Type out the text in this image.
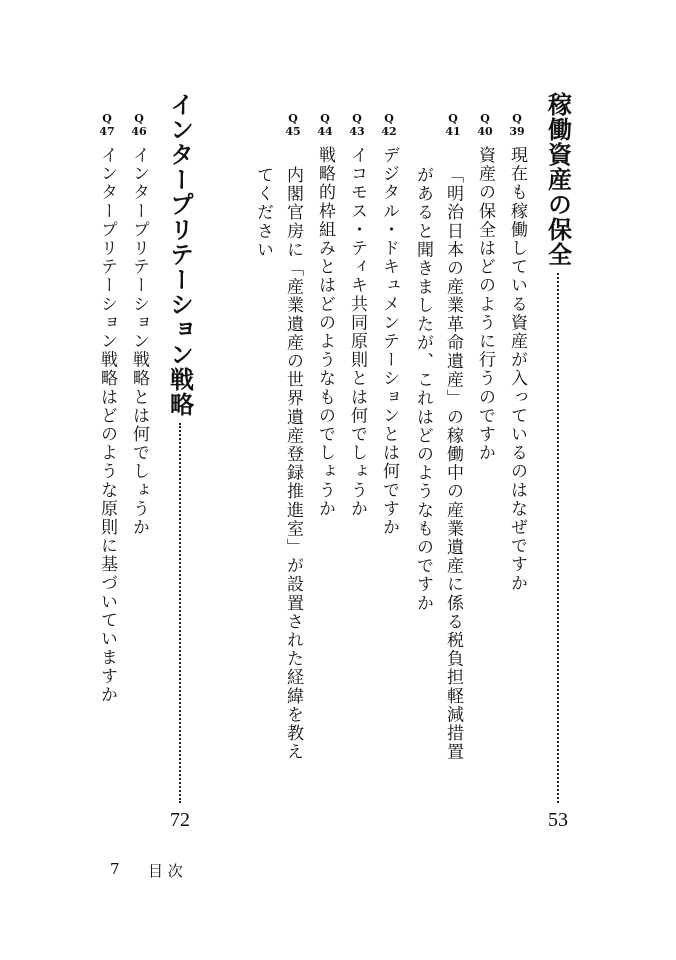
稼働資産の保全
53
Q
39
現在も稼働している資産が入っているのはなぜですか
Q
40
資産の保全はどのように行うのですか
Q
41
「明治日本の産業革命遺産」の稼働中の産業遺産に係る税負担軽減措置があると聞きましたが、これはどのようなものですか
Q
42
デジタル・ドキュメンテーションとは何ですか
Q
43
イコモス・ティキ共同原則とは何でしょうか
Q
44
戦略的枠組みとはどのようなものでしょうか
Q
45
内閣官房に「産業遺産の世界遺産登録推進室」が設置された経緯を教えてください
インタープリテーション戦略
72
Q
46
インタープリテーション戦略とは何でしょうか
Q
47
インタープリテーション戦略はどのような原則に基づいていますか
7 目 次
